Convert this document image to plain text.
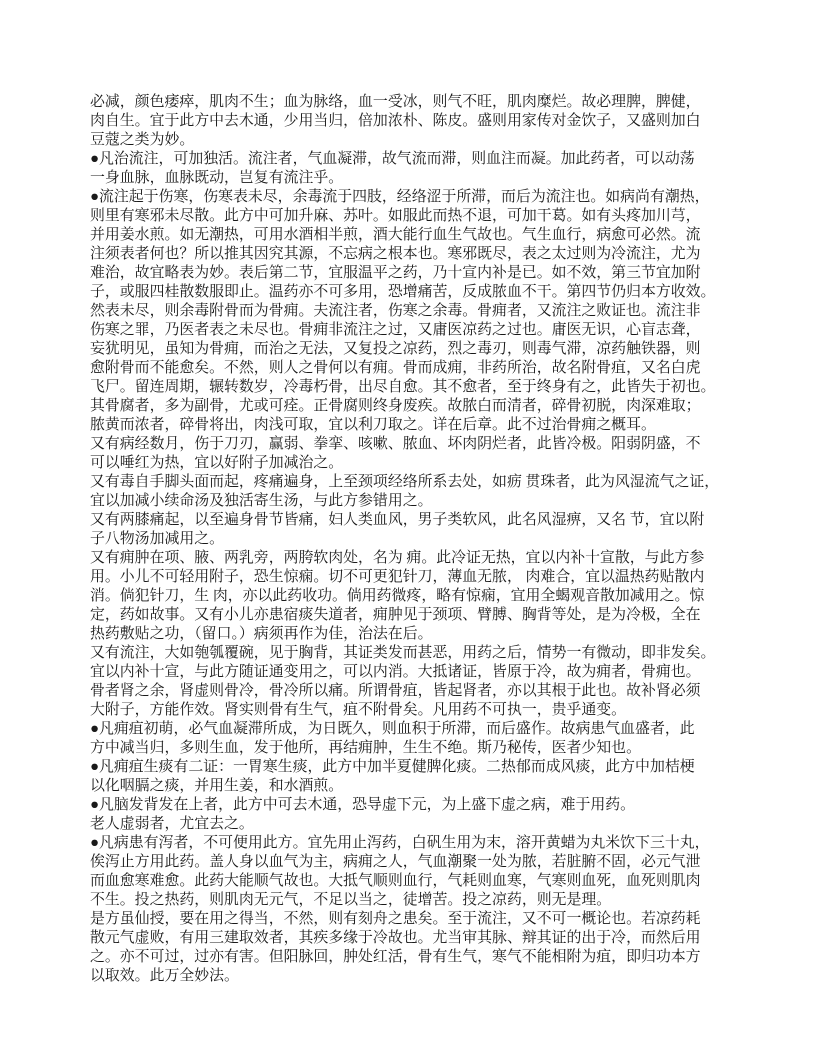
必减，颜色痿瘁，肌肉不生；血为脉络，血一受冰，则气不旺，肌肉糜烂。故必理脾，脾健，
肉自生。宜于此方中去木通，少用当归，倍加浓朴、陈皮。盛则用家传对金饮子，又盛则加白
豆蔻之类为妙。
●凡治流注，可加独活。流注者，气血凝滞，故气流而滞，则血注而凝。加此药者，可以动荡
一身血脉，血脉既动，岂复有流注乎。
●流注起于伤寒，伤寒表未尽，余毒流于四肢，经络涩于所滞，而后为流注也。如病尚有潮热，
则里有寒邪未尽散。此方中可加升麻、苏叶。如服此而热不退，可加干葛。如有头疼加川芎，
并用姜水煎。如无潮热，可用水酒相半煎，酒大能行血生气故也。气生血行，病愈可必然。流
注须表者何也？所以推其因究其源，不忘病之根本也。寒邪既尽，表之太过则为冷流注，尤为
难治，故宜略表为妙。表后第二节，宜服温平之药，乃十宣内补是已。如不效，第三节宜加附
子，或服四桂散数服即止。温药亦不可多用，恐增痛苦，反成脓血不干。第四节仍归本方收效。
然表未尽，则余毒附骨而为骨痈。夫流注者，伤寒之余毒。骨痈者，又流注之败证也。流注非
伤寒之罪，乃医者表之未尽也。骨痈非流注之过，又庸医凉药之过也。庸医无识，心盲志聋，
妄犹明见，虽知为骨痈，而治之无法，又复投之凉药，烈之毒刃，则毒气滞，凉药触铁器，则
愈附骨而不能愈矣。不然，则人之骨何以有痈。骨而成痈，非药所治，故名附骨疽，又名白虎
飞尸。留连周期，辗转数岁，冷毒朽骨，出尽自愈。其不愈者，至于终身有之，此皆失于初也。
其骨腐者，多为副骨，尤或可痊。正骨腐则终身废疾。故脓白而清者，碎骨初脱，肉深难取；
脓黄而浓者，碎骨将出，肉浅可取，宜以利刀取之。详在后章。此不过治骨痈之概耳。
又有病经数月，伤于刀刃，赢弱、拳挛、咳嗽、脓血、坏肉阴烂者，此皆冷极。阳弱阴盛，不
可以唾红为热，宜以好附子加减治之。
又有毒自手脚头面而起，疼痛遍身，上至颈项经络所系去处，如疬 贯珠者，此为风湿流气之证，
宜以加减小续命汤及独活寄生汤，与此方参错用之。
又有两膝痛起，以至遍身骨节皆痛，妇人类血风，男子类软风，此名风湿痹，又名 节，宜以附
子八物汤加减用之。
又有痈肿在项、腋、两乳旁，两胯软肉处，名为 痈。此冷证无热，宜以内补十宣散，与此方参
用。小儿不可轻用附子，恐生惊痫。切不可更犯针刀，薄血无脓， 肉难合，宜以温热药贴散内
消。倘犯针刀，生 肉，亦以此药收功。倘用药微疼，略有惊痫，宜用全蝎观音散加减用之。惊
定，药如故事。又有小儿亦患宿痰失道者，痈肿见于颈项、臂膊、胸背等处，是为冷极，全在
热药敷贴之功，（留口。）病须再作为佳，治法在后。
又有流注，大如匏瓠覆碗，见于胸背，其证类发而甚恶，用药之后，情势一有微动，即非发矣。
宜以内补十宣，与此方随证通变用之，可以内消。大抵诸证，皆原于冷，故为痈者，骨痈也。
骨者肾之余，肾虚则骨冷，骨冷所以痛。所谓骨疽，皆起肾者，亦以其根于此也。故补肾必须
大附子，方能作效。肾实则骨有生气，疽不附骨矣。凡用药不可执一，贵乎通变。
●凡痈疽初萌，必气血凝滞所成，为日既久，则血积于所滞，而后盛作。故病患气血盛者，此
方中减当归，多则生血，发于他所，再结痈肿，生生不绝。斯乃秘传，医者少知也。
●凡痈疽生痰有二证：一胃寒生痰，此方中加半夏健脾化痰。二热郁而成风痰，此方中加桔梗
以化咽膈之痰，并用生姜，和水酒煎。
●凡脑发背发在上者，此方中可去木通，恐导虚下元，为上盛下虚之病，难于用药。
老人虚弱者，尤宜去之。
●凡病患有泻者，不可便用此方。宜先用止泻药，白矾生用为末，溶开黄蜡为丸米饮下三十丸，
俟泻止方用此药。盖人身以血气为主，病痈之人，气血潮聚一处为脓，若脏腑不固，必元气泄
而血愈寒难愈。此药大能顺气故也。大抵气顺则血行，气耗则血寒，气寒则血死，血死则肌肉
不生。投之热药，则肌肉无元气，不足以当之，徒增苦。投之凉药，则无是理。
是方虽仙授，要在用之得当，不然，则有刻舟之患矣。至于流注，又不可一概论也。若凉药耗
散元气虚败，有用三建取效者，其疾多缘于冷故也。尤当审其脉、辩其证的出于冷，而然后用
之。亦不可过，过亦有害。但阳脉回，肿处红活，骨有生气，寒气不能相附为疽，即归功本方
以取效。此万全妙法。
